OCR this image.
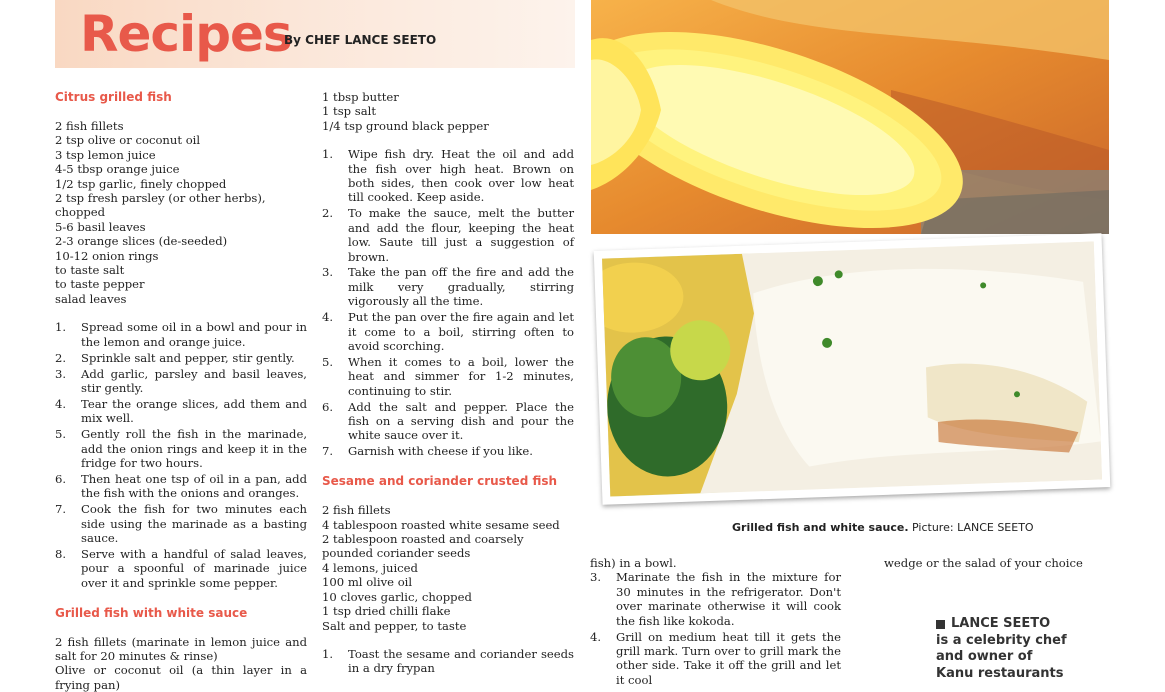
Recipes
By CHEF LANCE SEETO
Citrus grilled fish
2 fish fillets
2 tsp olive or coconut oil
3 tsp lemon juice
4-5 tbsp orange juice
1/2 tsp garlic, finely chopped
2 tsp fresh parsley (or other herbs), chopped
5-6 basil leaves
2-3 orange slices (de-seeded)
10-12 onion rings
to taste salt
to taste pepper
salad leaves
1. Spread some oil in a bowl and pour in the lemon and orange juice.
2. Sprinkle salt and pepper, stir gently.
3. Add garlic, parsley and basil leaves, stir gently.
4. Tear the orange slices, add them and mix well.
5. Gently roll the fish in the marinade, add the onion rings and keep it in the fridge for two hours.
6. Then heat one tsp of oil in a pan, add the fish with the onions and oranges.
7. Cook the fish for two minutes each side using the marinade as a basting sauce.
8. Serve with a handful of salad leaves, pour a spoonful of marinade juice over it and sprinkle some pepper.
Grilled fish with white sauce
2 fish fillets (marinate in lemon juice and salt for 20 minutes & rinse)
Olive or coconut oil (a thin layer in a frying pan)
1 tbsp butter
1 tsp salt
1/4 tsp ground black pepper
1. Wipe fish dry. Heat the oil and add the fish over high heat. Brown on both sides, then cook over low heat till cooked. Keep aside.
2. To make the sauce, melt the butter and add the flour, keeping the heat low. Saute till just a suggestion of brown.
3. Take the pan off the fire and add the milk very gradually, stirring vigorously all the time.
4. Put the pan over the fire again and let it come to a boil, stirring often to avoid scorching.
5. When it comes to a boil, lower the heat and simmer for 1-2 minutes, continuing to stir.
6. Add the salt and pepper. Place the fish on a serving dish and pour the white sauce over it.
7. Garnish with cheese if you like.
Sesame and coriander crusted fish
2 fish fillets
4 tablespoon roasted white sesame seed
2 tablespoon roasted and coarsely pounded coriander seeds
4 lemons, juiced
100 ml olive oil
10 cloves garlic, chopped
1 tsp dried chilli flake
Salt and pepper, to taste
1. Toast the sesame and coriander seeds in a dry frypan
Grilled fish and white sauce. Picture: LANCE SEETO
fish) in a bowl.
3. Marinate the fish in the mixture for 30 minutes in the refrigerator. Don't over marinate otherwise it will cook the fish like kokoda.
4. Grill on medium heat till it gets the grill mark. Turn over to grill mark the other side. Take it off the grill and let it cool
wedge or the salad of your choice
LANCE SEETO
is a celebrity chef
and owner of
Kanu restaurants
